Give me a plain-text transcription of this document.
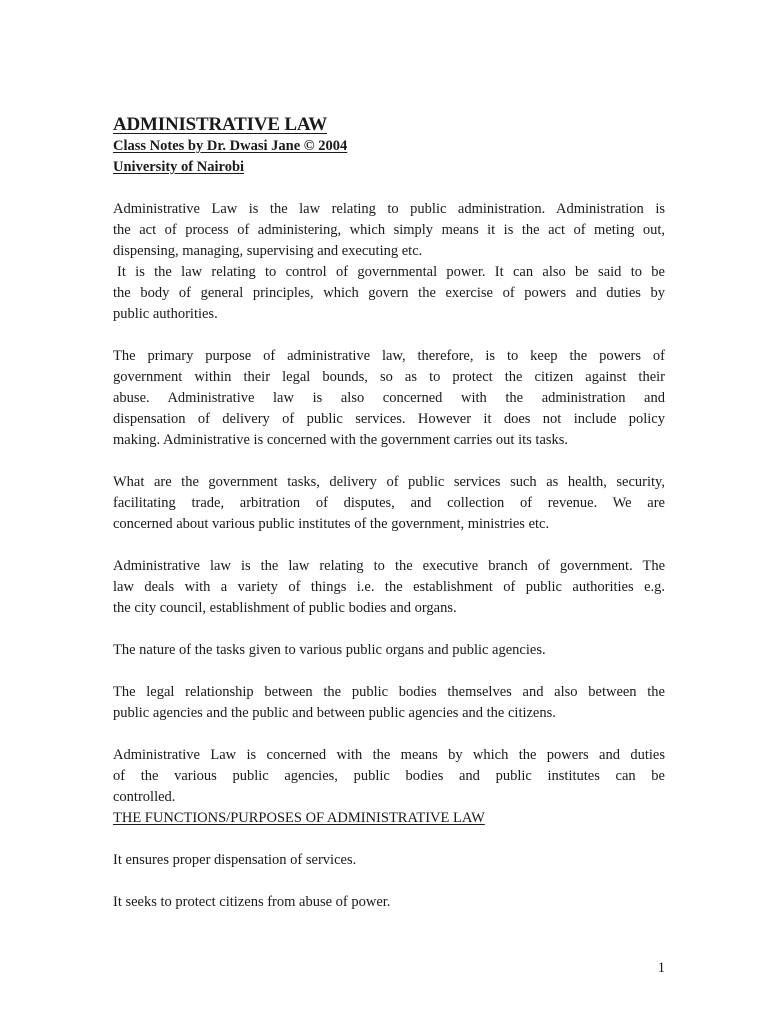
ADMINISTRATIVE LAW

Class Notes by Dr. Dwasi Jane © 2004

University of Nairobi

Administrative Law is the law relating to public administration. Administration is
the act of process of administering, which simply means it is the act of meting out,
dispensing, managing, supervising and executing etc.
It is the law relating to control of governmental power. It can also be said to be
the body of general principles, which govern the exercise of powers and duties by
public authorities.
The primary purpose of administrative law, therefore, is to keep the powers of
government within their legal bounds, so as to protect the citizen against their
abuse. Administrative law is also concerned with the administration and
dispensation of delivery of public services. However it does not include policy
making. Administrative is concerned with the government carries out its tasks.
What are the government tasks, delivery of public services such as health, security,
facilitating trade, arbitration of disputes, and collection of revenue. We are
concerned about various public institutes of the government, ministries etc.
Administrative law is the law relating to the executive branch of government. The
law deals with a variety of things i.e. the establishment of public authorities e.g.
the city council, establishment of public bodies and organs.
The nature of the tasks given to various public organs and public agencies.
The legal relationship between the public bodies themselves and also between the
public agencies and the public and between public agencies and the citizens.
Administrative Law is concerned with the means by which the powers and duties
of the various public agencies, public bodies and public institutes can be
controlled.

THE FUNCTIONS/PURPOSES OF ADMINISTRATIVE LAW

It ensures proper dispensation of services.

It seeks to protect citizens from abuse of power.

1
